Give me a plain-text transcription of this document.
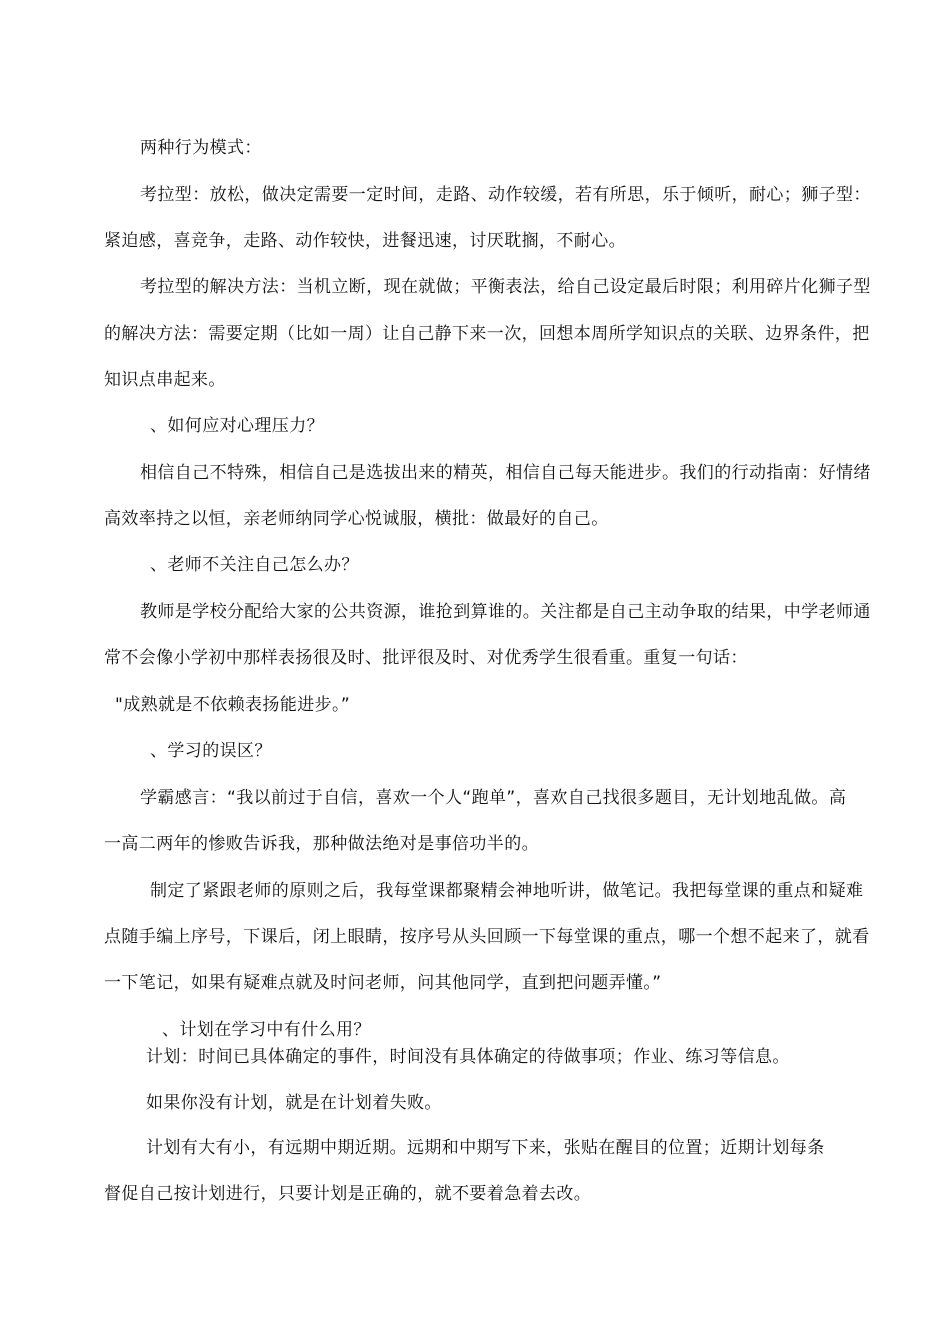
两种行为模式：
考拉型：放松，做决定需要一定时间，走路、动作较缓，若有所思，乐于倾听，耐心；狮子型：
紧迫感，喜竞争，走路、动作较快，进餐迅速，讨厌耽搁，不耐心。
考拉型的解决方法：当机立断，现在就做；平衡表法，给自己设定最后时限；利用碎片化狮子型
的解决方法：需要定期（比如一周）让自己静下来一次，回想本周所学知识点的关联、边界条件，把
知识点串起来。
、如何应对心理压力？
相信自己不特殊，相信自己是选拔出来的精英，相信自己每天能进步。我们的行动指南：好情绪
高效率持之以恒，亲老师纳同学心悦诚服，横批：做最好的自己。
、老师不关注自己怎么办？
教师是学校分配给大家的公共资源，谁抢到算谁的。关注都是自己主动争取的结果，中学老师通
常不会像小学初中那样表扬很及时、批评很及时、对优秀学生很看重。重复一句话：
"成熟就是不依赖表扬能进步。”
、学习的误区？
学霸感言：“我以前过于自信，喜欢一个人“跑单”，喜欢自己找很多题目，无计划地乱做。高
一高二两年的惨败告诉我，那种做法绝对是事倍功半的。
制定了紧跟老师的原则之后，我每堂课都聚精会神地听讲，做笔记。我把每堂课的重点和疑难
点随手编上序号，下课后，闭上眼睛，按序号从头回顾一下每堂课的重点，哪一个想不起来了，就看
一下笔记，如果有疑难点就及时问老师，问其他同学，直到把问题弄懂。”
、计划在学习中有什么用？
计划：时间已具体确定的事件，时间没有具体确定的待做事项；作业、练习等信息。
如果你没有计划，就是在计划着失败。
计划有大有小，有远期中期近期。远期和中期写下来，张贴在醒目的位置；近期计划每条
督促自己按计划进行，只要计划是正确的，就不要着急着去改。
